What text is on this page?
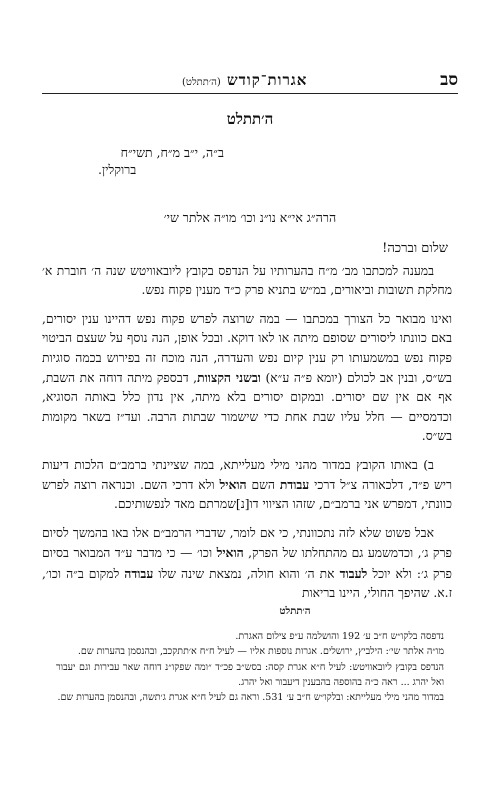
סב
אגרות־קודש (ה׳תתלט)
ה׳תתלט
ב״ה, י״ב מ״ח, תשי״ח
ברוקלין.
הרה״ג אי״א נו״נ וכו׳ מו״ה אלתר שי׳
שלום וברכה!

במענה למכתבו מב׳ מ״ח בהערותיו על הנדפס בקובץ ליובאוויטש שנה ה׳ חוברת א׳ מחלקת תשובות וביאורים, במ״ש בתניא פרק כ״ד מענין פקוח נפש.

ואינו מבואר כל הצורך במכתבו — במה שרוצה לפרש פקוח נפש דהיינו ענין יסורים, באם כוונתו ליסורים שסופם מיתה או לאו דוקא. ובכל אופן, הנה נוסף על שעצם הביטוי פקוח נפש במשמעותו רק ענין קיום נפש והעדרה, הנה מוכח זה בפירוש בכמה סוגיות בש״ס, ובנין אב לכולם (יומא פ״ה ע״א) ובשני הקצוות, דבספק מיתה דוחה את השבת, אף אם אין שם יסורים. ובמקום יסורים בלא מיתה, אין נדון כלל באותה הסוגיא, וכדמסיים — חלל עליו שבת אחת כדי שישמור שבתות הרבה. ועד״ז בשאר מקומות בש״ס.

ב) באותו הקובץ במדור מהני מילי מעלייתא, במה שציינתי ברמב״ם הלכות דיעות ריש פ״ד, דלכאורה צ״ל דרכי עבודת השם הואיל ולא דרכי השם. וכנראה רוצה לפרש כוונתי, דמפרש אני ברמב״ם, שזהו הציווי דו[נ]שמרתם מאד לנפשותיכם.

אבל פשוט שלא לזה נתכוונתי, כי אם לומר, שדברי הרמב״ם אלו באו בהמשך לסיום פרק ג׳, וכדמשמע גם מהתחלתו של הפרק, הואיל וכו׳ — כי מדבר ע״ד המבואר בסיום פרק ג׳: ולא יוכל לעבוד את ה׳ והוא חולה, נמצאת שינה שלו עבודה למקום ב״ה וכו׳, ז.א. שהיפך החולי, היינו בריאות

ה׳תתלט

נדפסה בלקו״ש ח״ב ע׳ 192 והושלמה ע״פ צילום האגרת.

מו״ה אלתר שי׳: הילביץ, ירושלים. אגרות נוספות אליו — לעיל ח״ח א׳תתקכב, ובהנסמן בהערות שם.

הנדפס בקובץ ליובאוויטש: לעיל ח״א אגרת קסה: בסש״ב פכ״ד ״ומה שפקו״נ דוחה שאר עבירות וגם יעבור ואל יהרג ... ראה כ״ה בהוספה בהבענין דיעבור ואל יהרג.

במדור מהני מילי מעלייתא: ובלקו״ש ח״ב ע׳ 531. וראה גם לעיל ח״א אגרת ג׳תשה, ובהנסמן בהערות שם.
